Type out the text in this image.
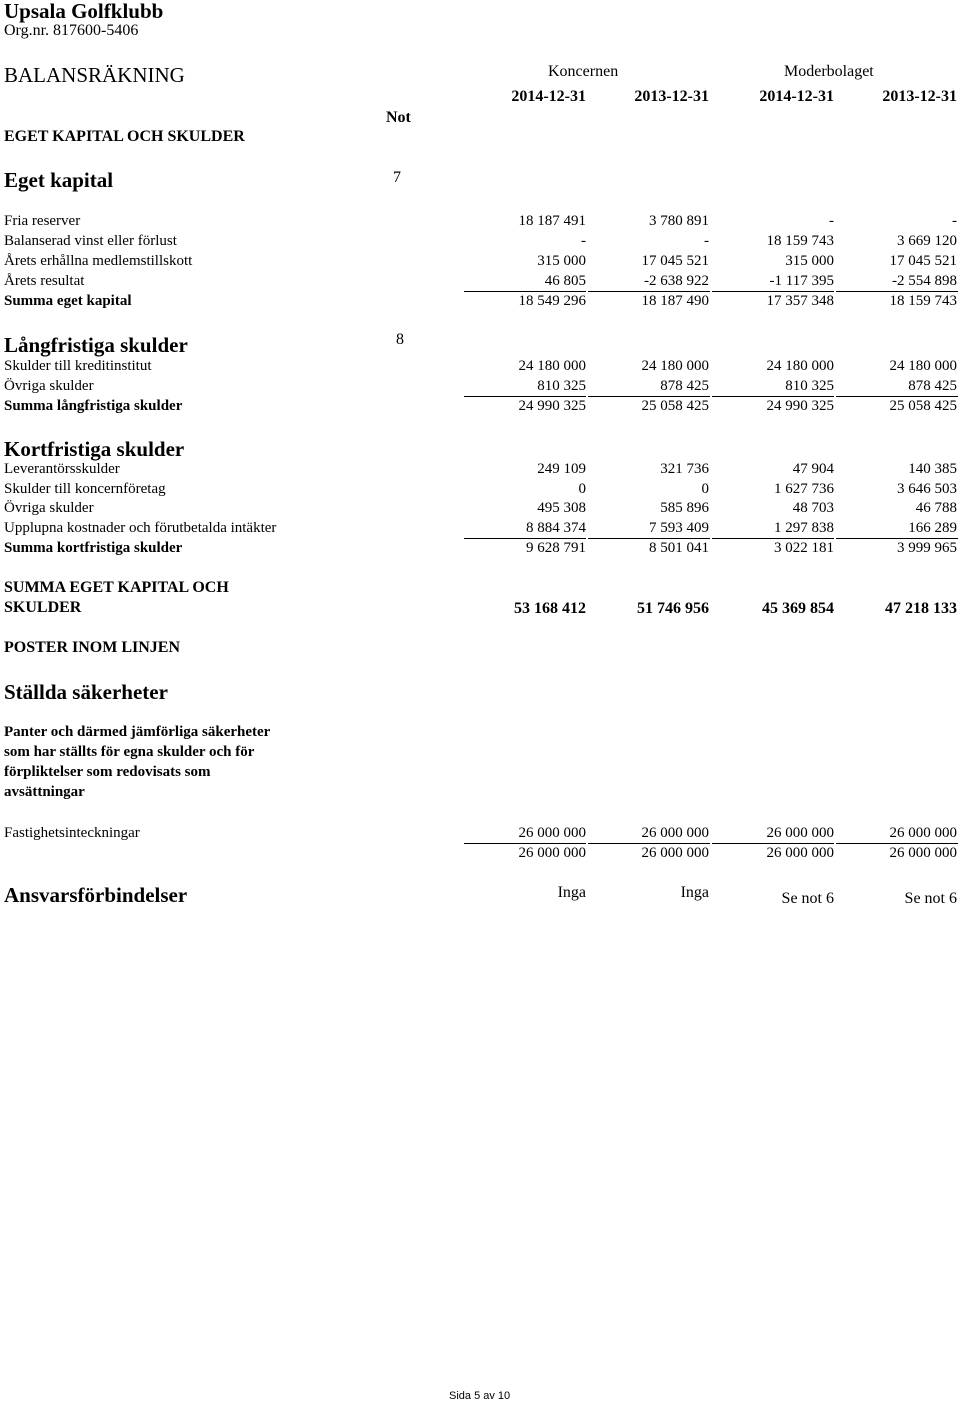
Upsala Golfklubb
Org.nr. 817600-5406
BALANSRÄKNING
EGET KAPITAL OCH SKULDER
Not
Koncernen	Moderbolaget
2014-12-31	2013-12-31	2014-12-31	2013-12-31
Eget kapital	7
Fria reserver	18 187 491	3 780 891	-	-
Balanserad vinst eller förlust	-	-	18 159 743	3 669 120
Årets erhållna medlemstillskott	315 000	17 045 521	315 000	17 045 521
Årets resultat	46 805	-2 638 922	-1 117 395	-2 554 898
Summa eget kapital	18 549 296	18 187 490	17 357 348	18 159 743
Långfristiga skulder	8
Skulder till kreditinstitut	24 180 000	24 180 000	24 180 000	24 180 000
Övriga skulder	810 325	878 425	810 325	878 425
Summa långfristiga skulder	24 990 325	25 058 425	24 990 325	25 058 425
Kortfristiga skulder
Leverantörsskulder	249 109	321 736	47 904	140 385
Skulder till koncernföretag	0	0	1 627 736	3 646 503
Övriga skulder	495 308	585 896	48 703	46 788
Upplupna kostnader och förutbetalda intäkter	8 884 374	7 593 409	1 297 838	166 289
Summa kortfristiga skulder	9 628 791	8 501 041	3 022 181	3 999 965
SUMMA EGET KAPITAL OCH
SKULDER	53 168 412	51 746 956	45 369 854	47 218 133
POSTER INOM LINJEN
Ställda säkerheter
Panter och därmed jämförliga säkerheter
som har ställts för egna skulder och för
förpliktelser som redovisats som
avsättningar
Fastighetsinteckningar	26 000 000	26 000 000	26 000 000	26 000 000
26 000 000	26 000 000	26 000 000	26 000 000
Ansvarsförbindelser	Inga	Inga	Se not 6	Se not 6
Sida 5 av 10
